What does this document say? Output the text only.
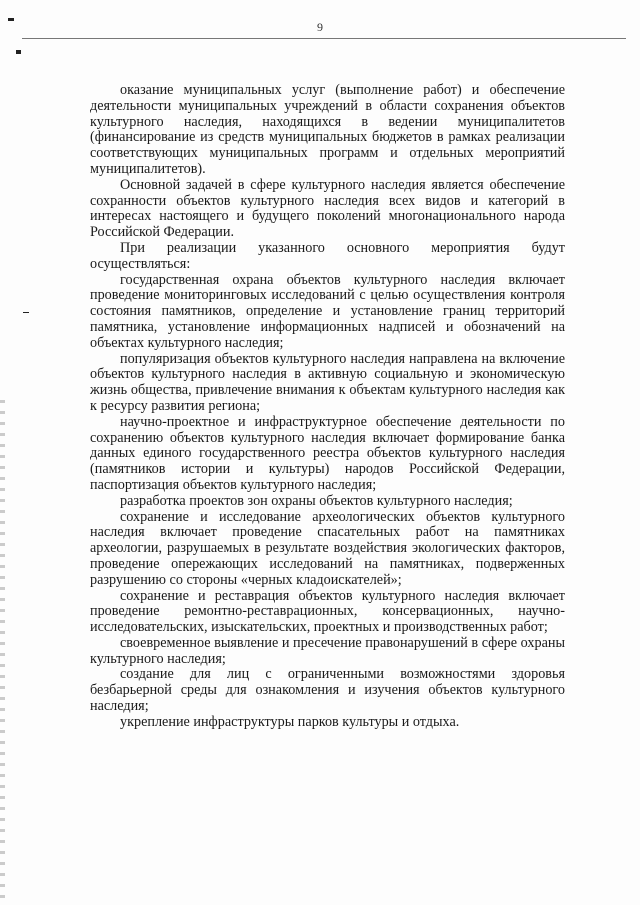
9

оказание муниципальных услуг (выполнение работ) и обеспечение деятельности муниципальных учреждений в области сохранения объектов культурного наследия, находящихся в ведении муниципалитетов (финансирование из средств муниципальных бюджетов в рамках реализации соответствующих муниципальных программ и отдельных мероприятий муниципалитетов).

Основной задачей в сфере культурного наследия является обеспечение сохранности объектов культурного наследия всех видов и категорий в интересах настоящего и будущего поколений многонационального народа Российской Федерации.

При реализации указанного основного мероприятия будут осуществляться:

государственная охрана объектов культурного наследия включает проведение мониторинговых исследований с целью осуществления контроля состояния памятников, определение и установление границ территорий памятника, установление информационных надписей и обозначений на объектах культурного наследия;

популяризация объектов культурного наследия направлена на включение объектов культурного наследия в активную социальную и экономическую жизнь общества, привлечение внимания к объектам культурного наследия как к ресурсу развития региона;

научно-проектное и инфраструктурное обеспечение деятельности по сохранению объектов культурного наследия включает формирование банка данных единого государственного реестра объектов культурного наследия (памятников истории и культуры) народов Российской Федерации, паспортизация объектов культурного наследия;

разработка проектов зон охраны объектов культурного наследия;

сохранение и исследование археологических объектов культурного наследия включает проведение спасательных работ на памятниках археологии, разрушаемых в результате воздействия экологических факторов, проведение опережающих исследований на памятниках, подверженных разрушению со стороны «черных кладоискателей»;

сохранение и реставрация объектов культурного наследия включает проведение ремонтно-реставрационных, консервационных, научно-исследовательских, изыскательских, проектных и производственных работ;

своевременное выявление и пресечение правонарушений в сфере охраны культурного наследия;

создание для лиц с ограниченными возможностями здоровья безбарьерной среды для ознакомления и изучения объектов культурного наследия;

укрепление инфраструктуры парков культуры и отдыха.
